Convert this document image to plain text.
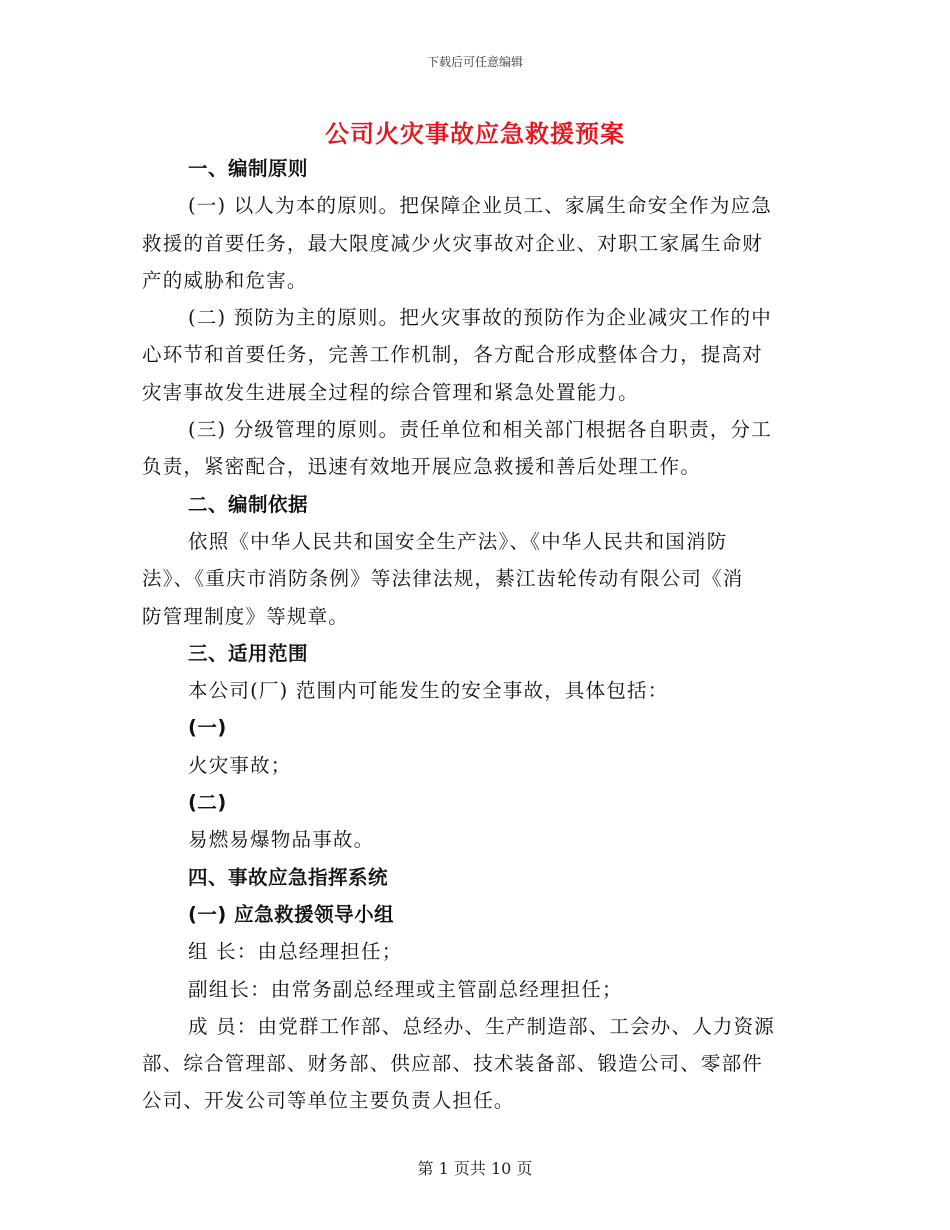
下载后可任意编辑
公司火灾事故应急救援预案
一、编制原则
(一) 以人为本的原则。把保障企业员工、家属生命安全作为应急
救援的首要任务，最大限度减少火灾事故对企业、对职工家属生命财
产的威胁和危害。
(二) 预防为主的原则。把火灾事故的预防作为企业减灾工作的中
心环节和首要任务，完善工作机制，各方配合形成整体合力，提高对
灾害事故发生进展全过程的综合管理和紧急处置能力。
(三) 分级管理的原则。责任单位和相关部门根据各自职责，分工
负责，紧密配合，迅速有效地开展应急救援和善后处理工作。
二、编制依据
依照《中华人民共和国安全生产法》、《中华人民共和国消防
法》、《重庆市消防条例》等法律法规，綦江齿轮传动有限公司《消
防管理制度》等规章。
三、适用范围
本公司(厂) 范围内可能发生的安全事故，具体包括：
(一)
火灾事故；
(二)
易燃易爆物品事故。
四、事故应急指挥系统
(一) 应急救援领导小组
组 长：由总经理担任；
副组长：由常务副总经理或主管副总经理担任；
成 员：由党群工作部、总经办、生产制造部、工会办、人力资源
部、综合管理部、财务部、供应部、技术装备部、锻造公司、零部件
公司、开发公司等单位主要负责人担任。
第 1 页共 10 页
